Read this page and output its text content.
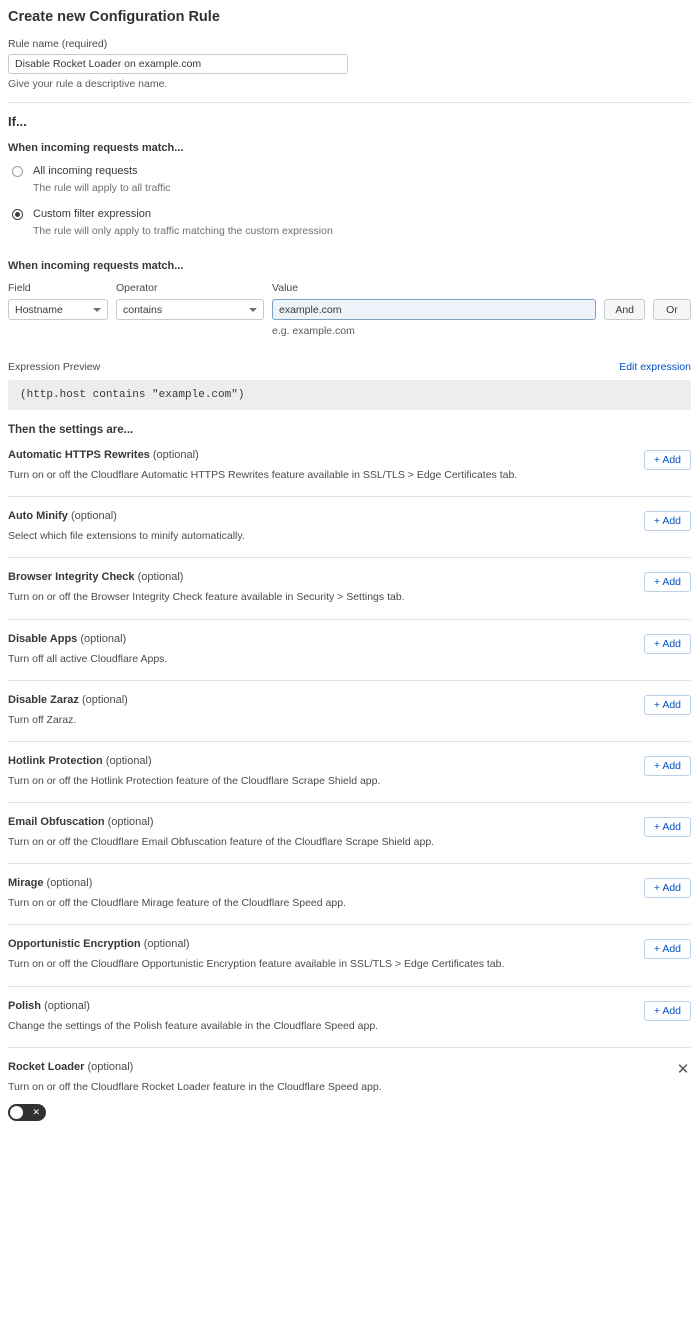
Create new Configuration Rule
Rule name (required)
Disable Rocket Loader on example.com
Give your rule a descriptive name.
If...
When incoming requests match...
All incoming requests
The rule will apply to all traffic
Custom filter expression
The rule will only apply to traffic matching the custom expression
When incoming requests match...
Field
Hostname
Operator
contains
Value
example.com
e.g. example.com

And
	Or
Expression Preview	Edit expression
(http.host contains "example.com")
Then the settings are...
Automatic HTTPS Rewrites (optional)
Turn on or off the Cloudflare Automatic HTTPS Rewrites feature available in SSL/TLS > Edge Certificates tab.
+ Add
Auto Minify (optional)
Select which file extensions to minify automatically.
+ Add
Browser Integrity Check (optional)
Turn on or off the Browser Integrity Check feature available in Security > Settings tab.
+ Add
Disable Apps (optional)
Turn off all active Cloudflare Apps.
+ Add
Disable Zaraz (optional)
Turn off Zaraz.
+ Add
Hotlink Protection (optional)
Turn on or off the Hotlink Protection feature of the Cloudflare Scrape Shield app.
+ Add
Email Obfuscation (optional)
Turn on or off the Cloudflare Email Obfuscation feature of the Cloudflare Scrape Shield app.
+ Add
Mirage (optional)
Turn on or off the Cloudflare Mirage feature of the Cloudflare Speed app.
+ Add
Opportunistic Encryption (optional)
Turn on or off the Cloudflare Opportunistic Encryption feature available in SSL/TLS > Edge Certificates tab.
+ Add
Polish (optional)
Change the settings of the Polish feature available in the Cloudflare Speed app.
+ Add
Rocket Loader (optional)
Turn on or off the Cloudflare Rocket Loader feature in the Cloudflare Speed app.
✕
✕
